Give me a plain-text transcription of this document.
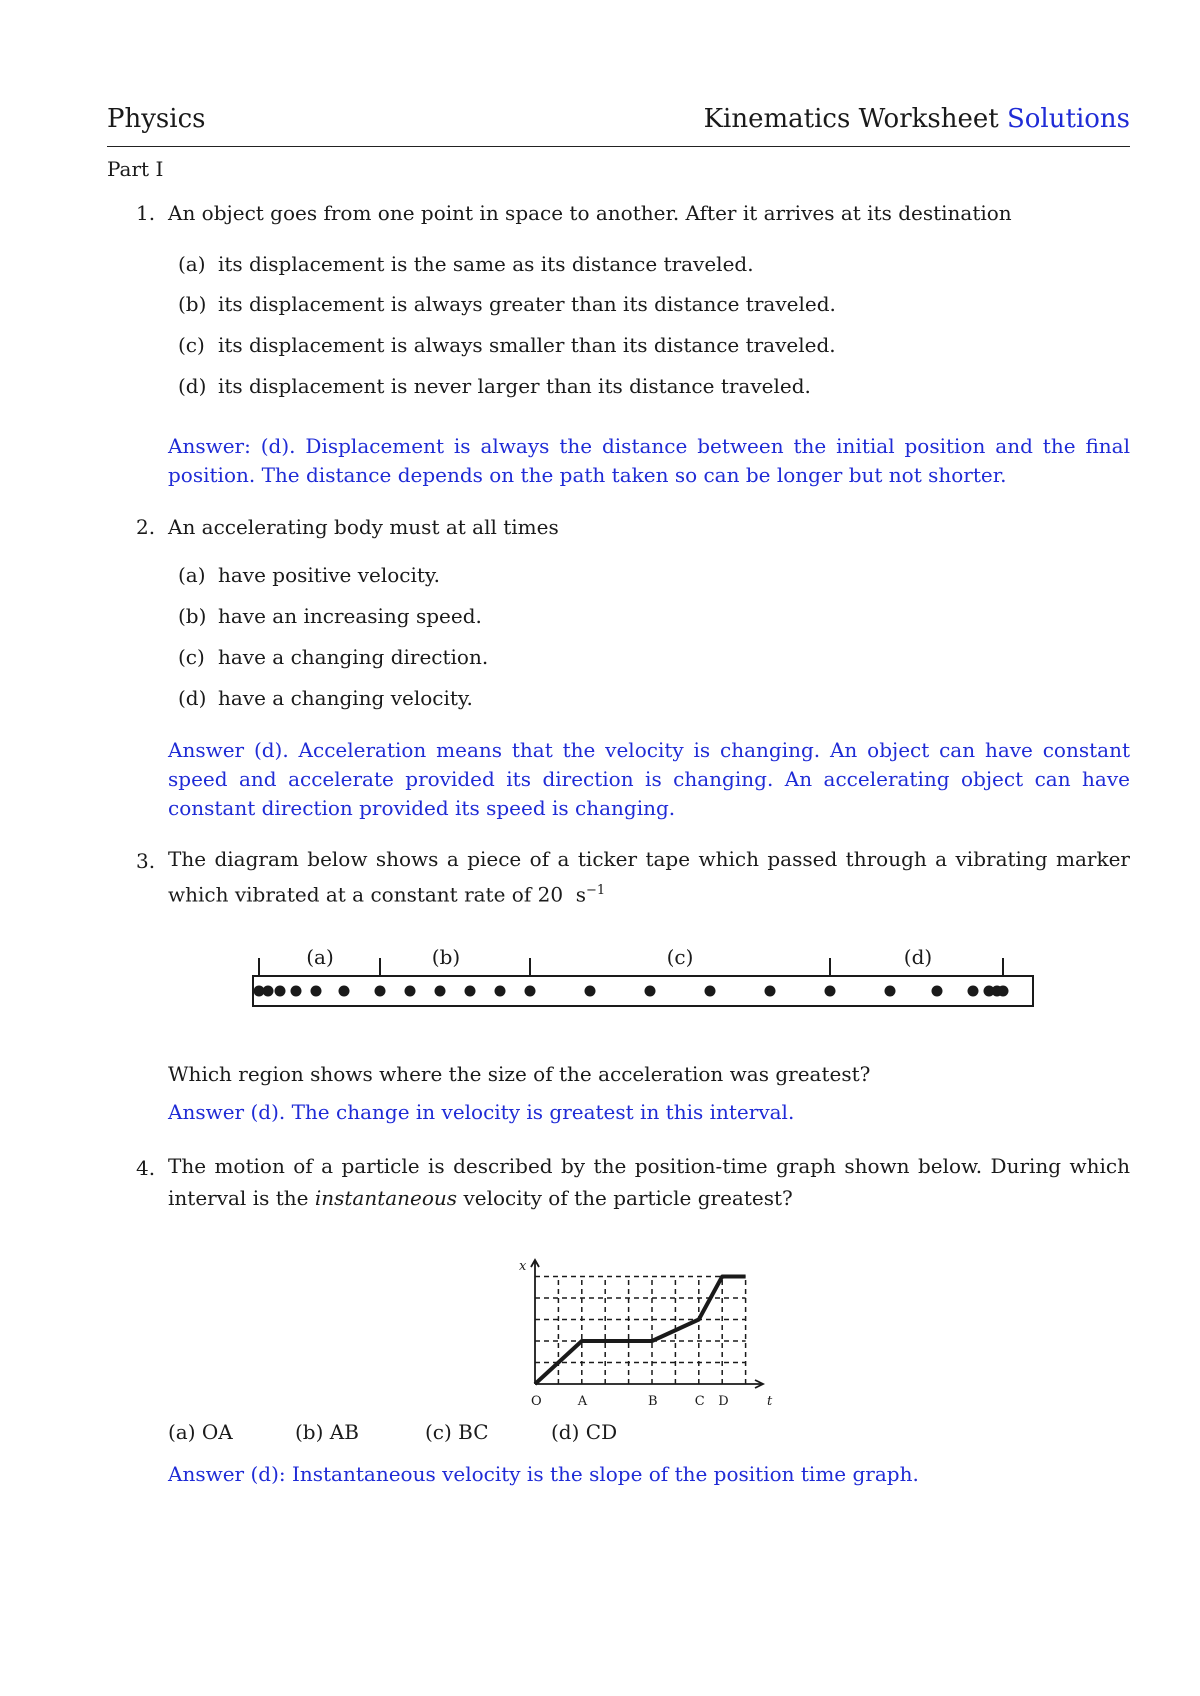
Physics	Kinematics Worksheet Solutions
Part I
1. An object goes from one point in space to another. After it arrives at its destination
(a) its displacement is the same as its distance traveled.
(b) its displacement is always greater than its distance traveled.
(c) its displacement is always smaller than its distance traveled.
(d) its displacement is never larger than its distance traveled.
Answer: (d). Displacement is always the distance between the initial position and the final position. The distance depends on the path taken so can be longer but not shorter.
2. An accelerating body must at all times
(a) have positive velocity.
(b) have an increasing speed.
(c) have a changing direction.
(d) have a changing velocity.
Answer (d). Acceleration means that the velocity is changing. An object can have constant speed and accelerate provided its direction is changing. An accelerating object can have constant direction provided its speed is changing.
3. The diagram below shows a piece of a ticker tape which passed through a vibrating marker which vibrated at a constant rate of 20 $s^{-1}$
(a)	(b)	(c)	(d)
Which region shows where the size of the acceleration was greatest?
Answer (d). The change in velocity is greatest in this interval.
4. The motion of a particle is described by the position-time graph shown below. During which interval is the instantaneous velocity of the particle greatest?
x
t
O	A	B	C D
(a) OA	(b) AB	(c) BC	(d) CD
Answer (d): Instantaneous velocity is the slope of the position time graph.
